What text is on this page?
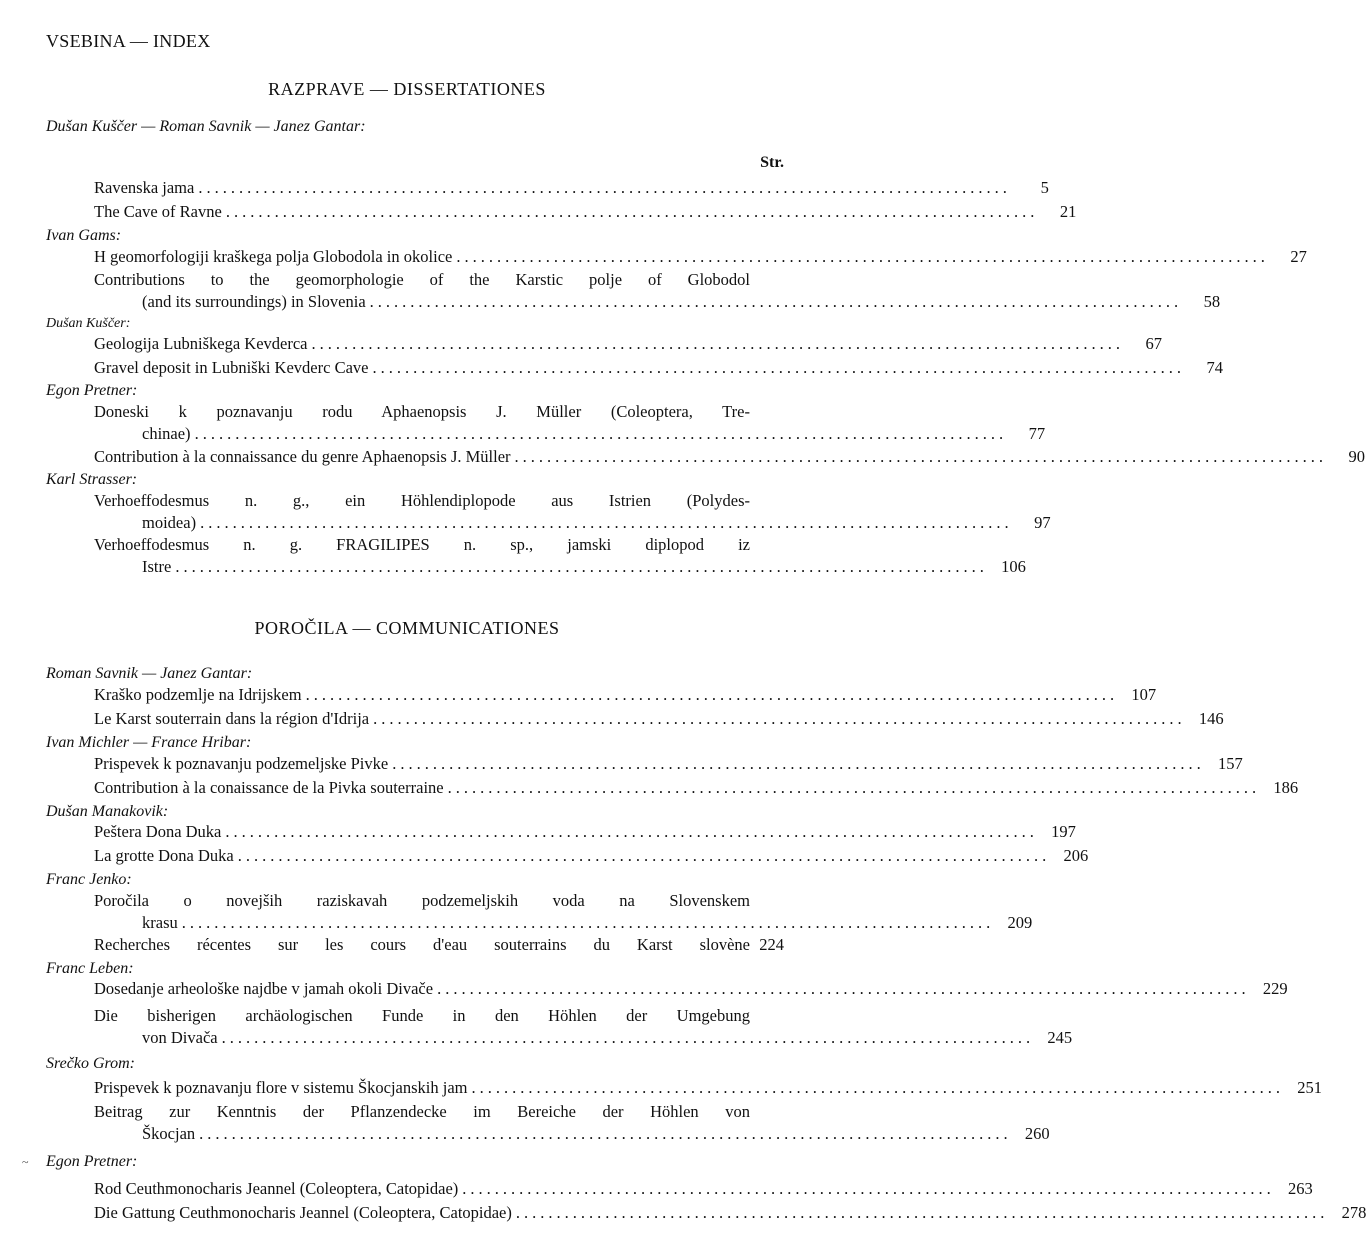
VSEBINA — INDEX
RAZPRAVE — DISSERTATIONES
Dušan Kuščer — Roman Savnik — Janez Gantar:
Str.
Ravenska jama ....................................................................................................	5
The Cave of Ravne ....................................................................................................	21
Ivan Gams:
H geomorfologiji kraškega polja Globodola in okolice ....................................................................................................	27
Contributions to the geomorphologie of the Karstic polje of Globodol
(and its surroundings) in Slovenia ....................................................................................................	58
Dušan Kuščer:
Geologija Lubniškega Kevderca ....................................................................................................	67
Gravel deposit in Lubniški Kevderc Cave ....................................................................................................	74
Egon Pretner:
Doneski k poznavanju rodu Aphaenopsis J. Müller (Coleoptera, Tre-
chinae) ....................................................................................................	77
Contribution à la connaissance du genre Aphaenopsis J. Müller ....................................................................................................	90
Karl Strasser:
Verhoeffodesmus n. g., ein Höhlendiplopode aus Istrien (Polydes-
moidea) ....................................................................................................	97
Verhoeffodesmus n. g. FRAGILIPES n. sp., jamski diplopod iz
Istre .................................................................................................... 106
POROČILA — COMMUNICATIONES
Roman Savnik — Janez Gantar:
Kraško podzemlje na Idrijskem .................................................................................................... 107
Le Karst souterrain dans la région d'Idrija .................................................................................................... 146
Ivan Michler — France Hribar:
Prispevek k poznavanju podzemeljske Pivke .................................................................................................... 157
Contribution à la conaissance de la Pivka souterraine .................................................................................................... 186
Dušan Manakovik:
Peštera Dona Duka .................................................................................................... 197
La grotte Dona Duka .................................................................................................... 206
Franc Jenko:
Poročila o novejših raziskavah podzemeljskih voda na Slovenskem
krasu .................................................................................................... 209
Recherches récentes sur les cours d'eau souterrains du Karst slovène 224
Franc Leben:
Dosedanje arheološke najdbe v jamah okoli Divače .................................................................................................... 229
Die bisherigen archäologischen Funde in den Höhlen der Umgebung
von Divača .................................................................................................... 245
Srečko Grom:
Prispevek k poznavanju flore v sistemu Škocjanskih jam .................................................................................................... 251
Beitrag zur Kenntnis der Pflanzendecke im Bereiche der Höhlen von
Škocjan .................................................................................................... 260
~ Egon Pretner:
Rod Ceuthmonocharis Jeannel (Coleoptera, Catopidae) .................................................................................................... 263
Die Gattung Ceuthmonocharis Jeannel (Coleoptera, Catopidae) .................................................................................................... 278
